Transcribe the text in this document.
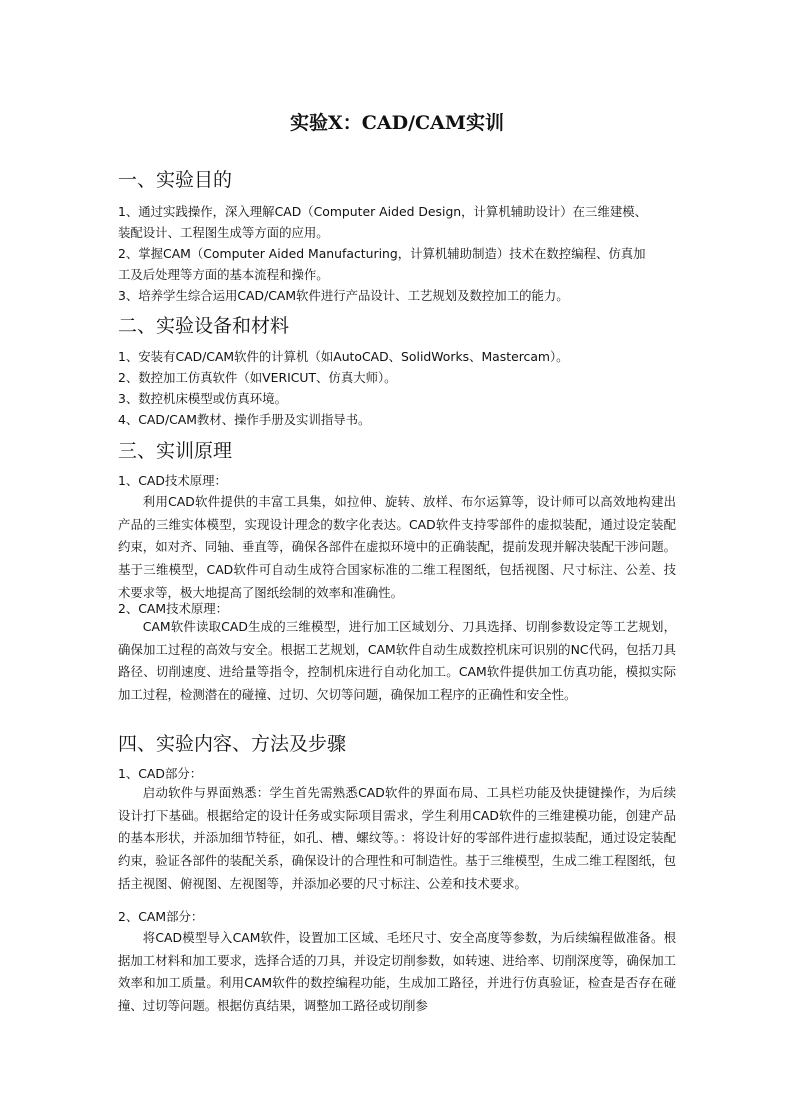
实验X：CAD/CAM实训
一、实验目的

1、通过实践操作，深入理解CAD（Computer Aided Design，计算机辅助设计）在三维建模、

装配设计、工程图生成等方面的应用。

2、掌握CAM（Computer Aided Manufacturing，计算机辅助制造）技术在数控编程、仿真加

工及后处理等方面的基本流程和操作。

3、培养学生综合运用CAD/CAM软件进行产品设计、工艺规划及数控加工的能力。

二、实验设备和材料

1、安装有CAD/CAM软件的计算机（如AutoCAD、SolidWorks、Mastercam）。

2、数控加工仿真软件（如VERICUT、仿真大师）。

3、数控机床模型或仿真环境。

4、CAD/CAM教材、操作手册及实训指导书。

三、实训原理

1、CAD技术原理：

利用CAD软件提供的丰富工具集，如拉伸、旋转、放样、布尔运算等，设计师可以高效地构建出产品的三维实体模型，实现设计理念的数字化表达。CAD软件支持零部件的虚拟装配，通过设定装配约束，如对齐、同轴、垂直等，确保各部件在虚拟环境中的正确装配，提前发现并解决装配干涉问题。基于三维模型，CAD软件可自动生成符合国家标准的二维工程图纸，包括视图、尺寸标注、公差、技术要求等，极大地提高了图纸绘制的效率和准确性。

2、CAM技术原理：

CAM软件读取CAD生成的三维模型，进行加工区域划分、刀具选择、切削参数设定等工艺规划，确保加工过程的高效与安全。根据工艺规划，CAM软件自动生成数控机床可识别的NC代码，包括刀具路径、切削速度、进给量等指令，控制机床进行自动化加工。CAM软件提供加工仿真功能，模拟实际加工过程，检测潜在的碰撞、过切、欠切等问题，确保加工程序的正确性和安全性。

四、实验内容、方法及步骤

1、CAD部分：

启动软件与界面熟悉：学生首先需熟悉CAD软件的界面布局、工具栏功能及快捷键操作，为后续设计打下基础。根据给定的设计任务或实际项目需求，学生利用CAD软件的三维建模功能，创建产品的基本形状，并添加细节特征，如孔、槽、螺纹等。：将设计好的零部件进行虚拟装配，通过设定装配约束，验证各部件的装配关系，确保设计的合理性和可制造性。基于三维模型，生成二维工程图纸，包括主视图、俯视图、左视图等，并添加必要的尺寸标注、公差和技术要求。

2、CAM部分：

将CAD模型导入CAM软件，设置加工区域、毛坯尺寸、安全高度等参数，为后续编程做准备。根据加工材料和加工要求，选择合适的刀具，并设定切削参数，如转速、进给率、切削深度等，确保加工效率和加工质量。利用CAM软件的数控编程功能，生成加工路径，并进行仿真验证，检查是否存在碰撞、过切等问题。根据仿真结果，调整加工路径或切削参
